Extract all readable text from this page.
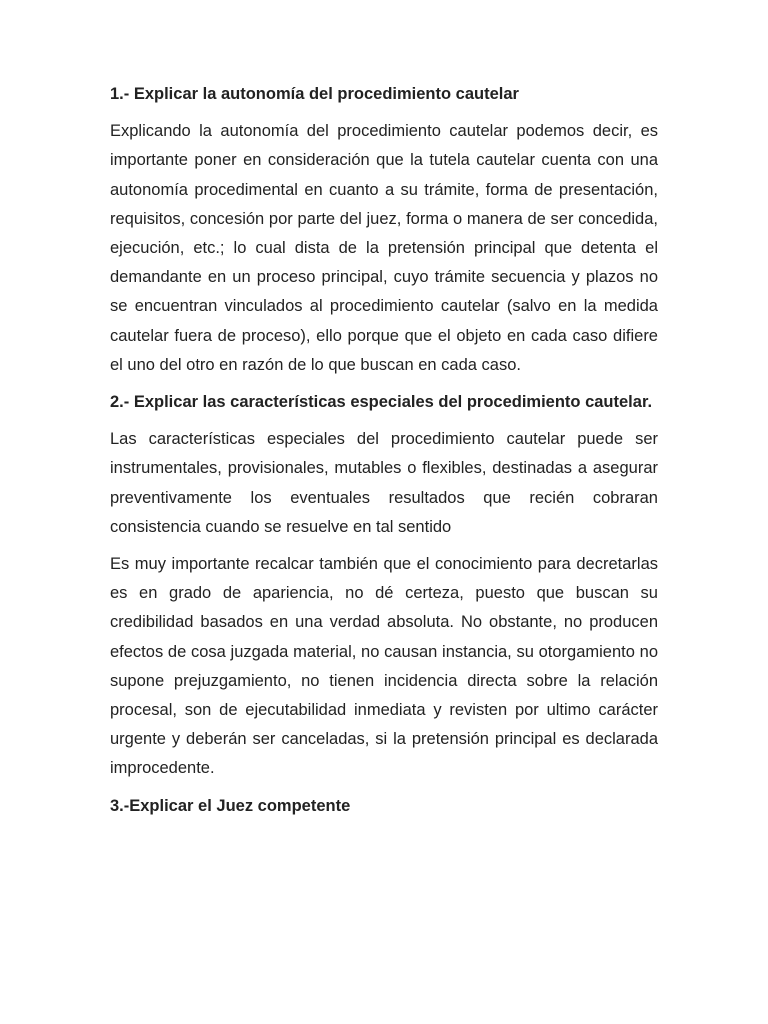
1.- Explicar la autonomía del procedimiento cautelar

Explicando la autonomía del procedimiento cautelar podemos decir, es importante poner en consideración que la tutela cautelar cuenta con una autonomía procedimental en cuanto a su trámite, forma de presentación, requisitos, concesión por parte del juez, forma o manera de ser concedida, ejecución, etc.; lo cual dista de la pretensión principal que detenta el demandante en un proceso principal, cuyo trámite secuencia y plazos no se encuentran vinculados al procedimiento cautelar (salvo en la medida cautelar fuera de proceso), ello porque que el objeto en cada caso difiere el uno del otro en razón de lo que buscan en cada caso.

2.- Explicar las características especiales del procedimiento cautelar.

Las características especiales del procedimiento cautelar puede ser instrumentales, provisionales, mutables o flexibles, destinadas a asegurar preventivamente los eventuales resultados que recién cobraran consistencia cuando se resuelve en tal sentido

Es muy importante recalcar también que el conocimiento para decretarlas es en grado de apariencia, no dé certeza, puesto que buscan su credibilidad basados en una verdad absoluta. No obstante, no producen efectos de cosa juzgada material, no causan instancia, su otorgamiento no supone prejuzgamiento, no tienen incidencia directa sobre la relación procesal, son de ejecutabilidad inmediata y revisten por ultimo carácter urgente y deberán ser canceladas, si la pretensión principal es declarada improcedente.

3.-Explicar el Juez competente
